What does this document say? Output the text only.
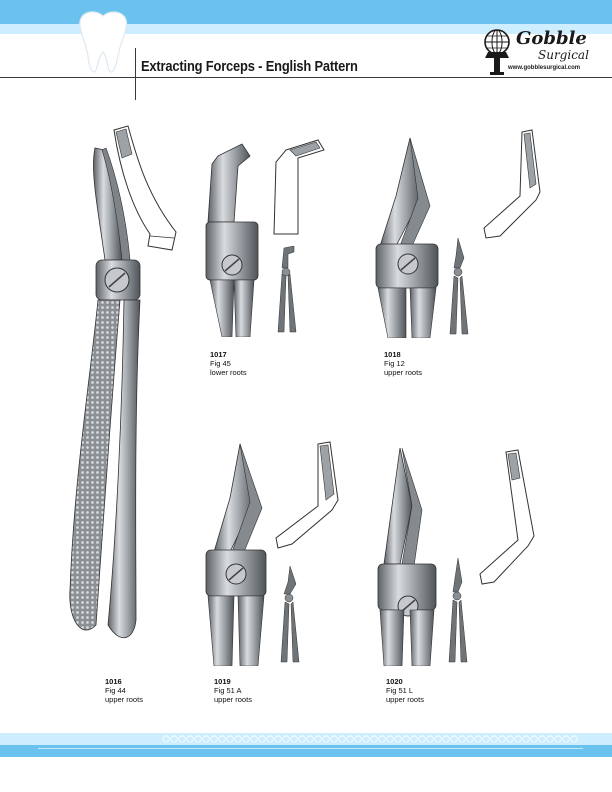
Extracting Forceps - English Pattern
Gobble
Surgical
www.gobblesurgical.com
1017
Fig 45
lower roots
1018
Fig 12
upper roots
1019
Fig 51 A
upper roots
1020
Fig 51 L
upper roots
1016
Fig 44
upper roots
